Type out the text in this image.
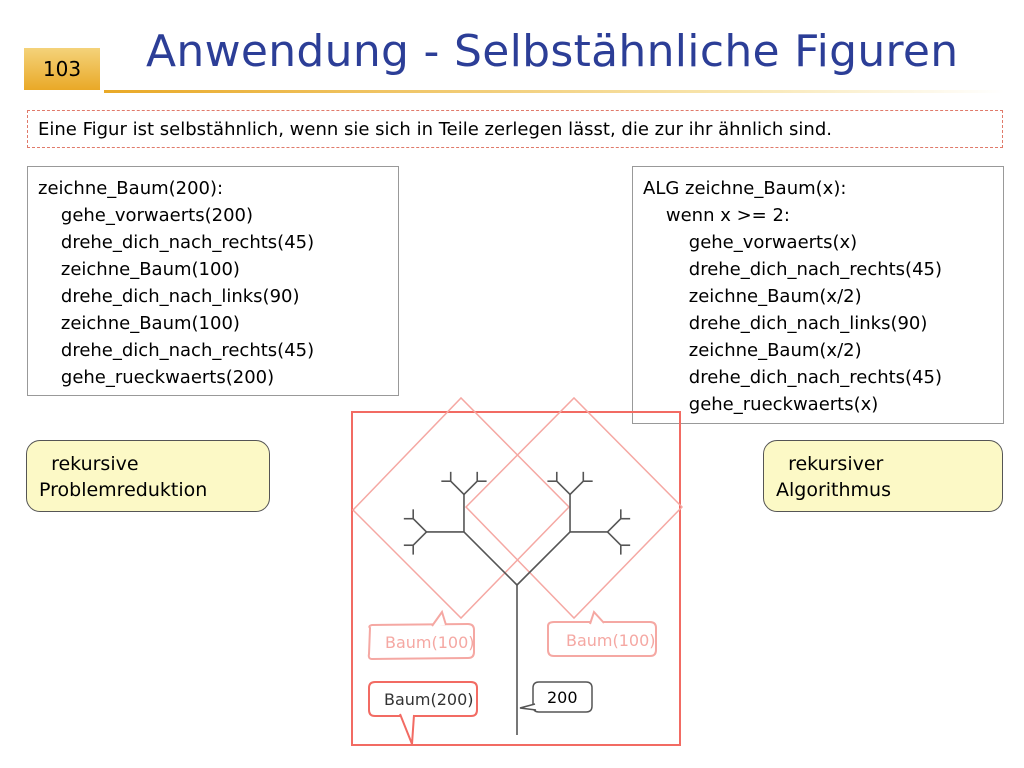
103	Anwendung - Selbstähnliche Figuren
Eine Figur ist selbstähnlich, wenn sie sich in Teile zerlegen lässt, die zur ihr ähnlich sind.
zeichne_Baum(200):
gehe_vorwaerts(200)
drehe_dich_nach_rechts(45)
zeichne_Baum(100)
drehe_dich_nach_links(90)
zeichne_Baum(100)
drehe_dich_nach_rechts(45)
gehe_rueckwaerts(200)
ALG zeichne_Baum(x):
wenn x >= 2:
gehe_vorwaerts(x)
drehe_dich_nach_rechts(45)
zeichne_Baum(x/2)
drehe_dich_nach_links(90)
zeichne_Baum(x/2)
drehe_dich_nach_rechts(45)
gehe_rueckwaerts(x)
rekursive
Problemreduktion
rekursiver
Algorithmus
Baum(100)	Baum(100)
Baum(200)	200
